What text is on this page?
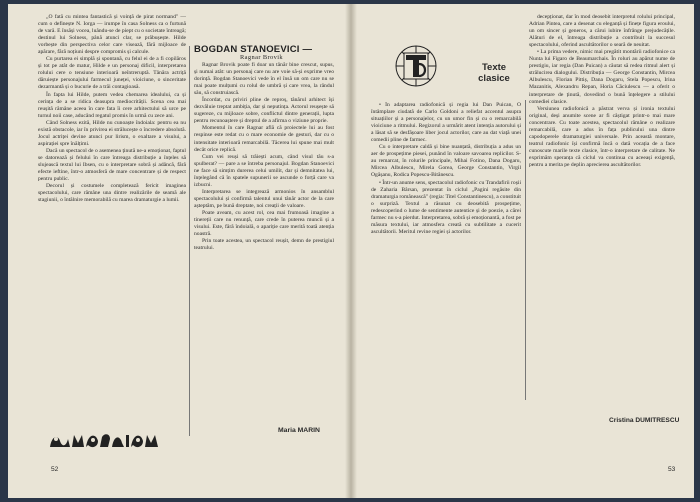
„O fată cu mintea fantastică și voință de pirat normand" — cum o definește N. Iorga — irumpe în casa Solness ca o furtună de vară. E însăși vocea, luându-se de piept cu o societate întreagă; destinul lui Solness, până atunci clar, se prăbușește. Hilde vorbește din perspectiva celor care visează, fără mijloace de apărare, fără noțiuni despre compromis și calcule.

Cu purtarea ei simplă și spontană, cu felul ei de a fi copilăros și tot pe atât de matur, Hilde e un personaj dificil, interpretarea rolului cere o tensiune interioară neîntreruptă. Tânăra actriță dăruiește personajului farmecul juneței, vioiciune, o sinceritate dezarmantă și o bucurie de a trăi contagioasă.

În fapta lui Hilde, putem vedea chemarea idealului, ca și cerința de a se ridica deasupra mediocrității. Scena cea mai reușită rămâne aceea în care fata îi cere arhitectului să urce pe turnul noii case, aducând regatul promis în urmă cu zece ani.

Când Solness ezită, Hilde nu cunoaște îndoiala: pentru ea nu există obstacole, iar în privirea ei strălucește o încredere absolută. Jocul actriței devine atunci pur lirism, o exaltare a visului, a aspirației spre înălțimi.

Dacă un spectacol de o asemenea ținută ne-a emoționat, faptul se datorează și felului în care întreaga distribuție a înțeles să slujească textul lui Ibsen, cu o interpretare sobră și adâncă, fără efecte ieftine, într-o atmosferă de mare concentrare și de respect pentru public.

Decorul și costumele completează fericit imaginea spectacolului, care rămâne una dintre realizările de seamă ale stagiunii, o întâlnire memorabilă cu marea dramaturgie a lumii.

BOGDAN STANOEVICI —
Ragnar Brovik

Ragnar Brovik poate fi doar un tânăr bine crescut, supus, și numai atât: un personaj care nu are voie să-și exprime vreo dorință. Bogdan Stanoevici vede în el însă un om care nu se mai poate mulțumi cu rolul de umbră și care vrea, la rândul său, să construiască.

Încordat, cu priviri pline de reproș, tânărul arhitect își dezvăluie treptat ambiția, dar și neputința. Actorul reușește să sugereze, cu mijloace sobre, conflictul dintre generații, lupta pentru recunoaștere și dreptul de a afirma o viziune proprie.

Momentul în care Ragnar află că proiectele lui au fost respinse este redat cu o mare economie de gesturi, dar cu o intensitate interioară remarcabilă. Tăcerea lui spune mai mult decât orice replică.

Cum vei reuși să trăiești acum, când visul tău s-a spulberat? — pare a se întreba personajul. Bogdan Stanoevici ne face să simțim durerea celui umilit, dar și demnitatea lui, înțelegând că în spatele supunerii se ascunde o forță care va izbucni.

Interpretarea se integrează armonios în ansamblul spectacolului și confirmă talentul unui tânăr actor de la care așteptăm, pe bună dreptate, noi creații de valoare.

Poate aveam, cu acest rol, cea mai frumoasă imagine a tinereții care nu renunță, care crede în puterea muncii și a visului. Este, fără îndoială, o apariție care merită toată atenția noastră.

Prin toate acestea, un spectacol reușit, demn de prestigiul teatrului.

Maria MARIN
52
Texte
clasice

• În adaptarea radiofonică și regia lui Dan Puican, O întâmplare ciudată de Carlo Goldoni a reliefat accentul asupra situațiilor și a personajelor, cu un umor fin și cu o remarcabilă vioiciune a ritmului. Regizorul a urmărit atent intenția autorului și a lăsat să se desfășoare liber jocul actorilor, care au dat viață unei comedii pline de farmec.

Cu o interpretare caldă și bine nuanțată, distribuția a adus un aer de prospețime piesei, punând în valoare savoarea replicilor. S-au remarcat, în rolurile principale, Mihai Fotino, Dana Dogaru, Mircea Albulescu, Mirela Gorea, George Constantin, Virgil Ogășanu, Rodica Popescu-Bitănescu.

• Într-un anume sens, spectacolul radiofonic cu Trandafirii roșii de Zaharia Bârsan, prezentat în ciclul „Pagini regăsite din dramaturgia românească" (regia: Titel Constantinescu), a constituit o surpriză. Textul a răsunat cu deosebită prospețime, redescoperind o lume de sentimente autentice și de poezie, a cărei farmec nu s-a pierdut. Interpretarea, sobră și emoționantă, a fost pe măsura textului, iar atmosfera creată cu subtilitate a cucerit ascultătorii. Meritul revine regiei și actorilor.

decepționat, dar în mod deosebit interpretul rolului principal, Adrian Pintea, care a desenat cu eleganță și finețe figura eroului, un om sincer și generos, a cărui iubire înfrânge prejudecățile. Alături de el, întreaga distribuție a contribuit la succesul spectacolului, oferind ascultătorilor o seară de neuitat.

• La prima vedere, nimic mai pregătit montării radiofonice ca Nunta lui Figaro de Beaumarchais. În roluri au apărut nume de prestigiu, iar regia (Dan Puican) a căutat să redea ritmul alert și strălucirea dialogului. Distribuția — George Constantin, Mircea Albulescu, Florian Pittiș, Dana Dogaru, Stela Popescu, Irina Mazanitis, Alexandru Repan, Horia Căciulescu — a oferit o interpretare de ținută, dovedind o bună înțelegere a stilului comediei clasice.

Versiunea radiofonică a păstrat verva și ironia textului original, deși anumite scene ar fi câștigat printr-o mai mare concentrare. Cu toate acestea, spectacolul rămâne o realizare remarcabilă, care a adus în fața publicului una dintre capodoperele dramaturgiei universale. Prin această montare, teatrul radiofonic își confirmă încă o dată vocația de a face cunoscute marile texte clasice, într-o interpretare de calitate. Ne exprimăm speranța că ciclul va continua cu aceeași exigență, pentru a merita pe deplin aprecierea ascultătorilor.

Cristina DUMITRESCU
53
